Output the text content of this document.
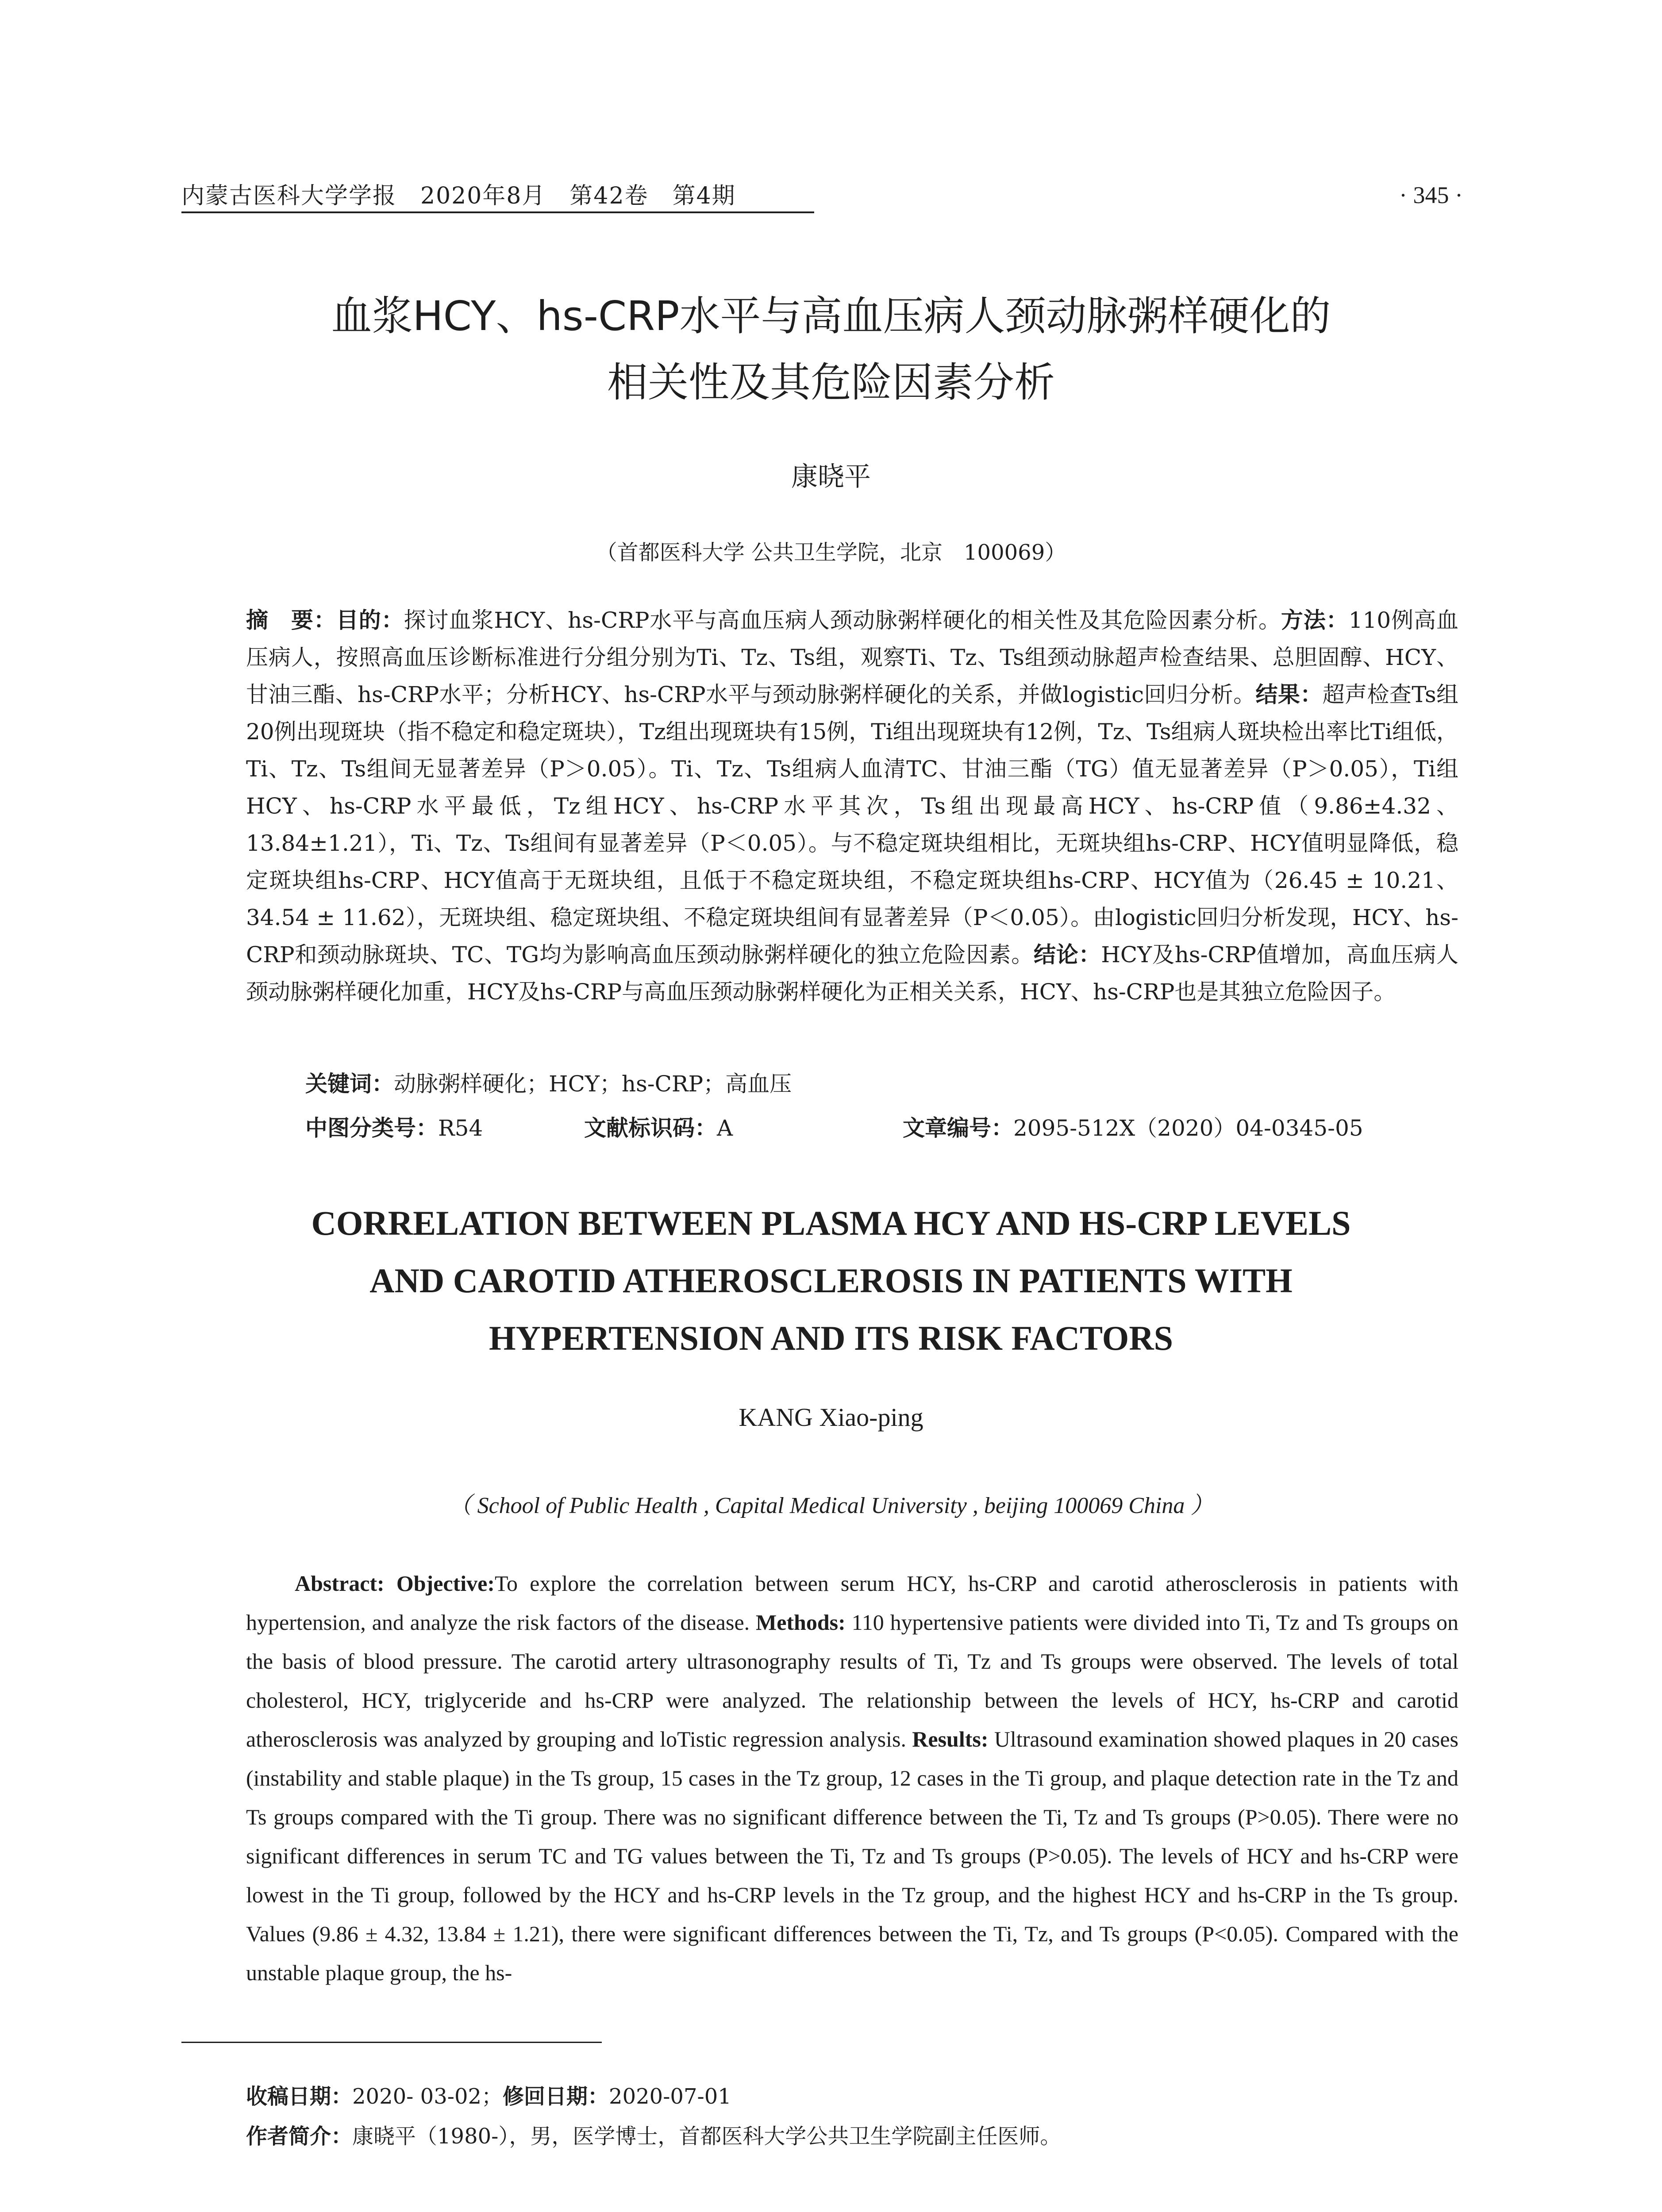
内蒙古医科大学学报　2020年8月　第42卷　第4期	· 345 ·
血浆HCY、hs-CRP水平与高血压病人颈动脉粥样硬化的
相关性及其危险因素分析
康晓平
（首都医科大学 公共卫生学院，北京　100069）
摘　要：目的：探讨血浆HCY、hs-CRP水平与高血压病人颈动脉粥样硬化的相关性及其危险因素分析。方法：110例高血压病人，按照高血压诊断标准进行分组分别为Ti、Tz、Ts组，观察Ti、Tz、Ts组颈动脉超声检查结果、总胆固醇、HCY、甘油三酯、hs-CRP水平；分析HCY、hs-CRP水平与颈动脉粥样硬化的关系，并做logistic回归分析。结果：超声检查Ts组20例出现斑块（指不稳定和稳定斑块），Tz组出现斑块有15例，Ti组出现斑块有12例，Tz、Ts组病人斑块检出率比Ti组低，Ti、Tz、Ts组间无显著差异（P＞0.05）。Ti、Tz、Ts组病人血清TC、甘油三酯（TG）值无显著差异（P＞0.05），Ti组HCY、hs-CRP水平最低，Tz组HCY、hs-CRP水平其次，Ts组出现最高HCY、hs-CRP值（9.86±4.32、13.84±1.21），Ti、Tz、Ts组间有显著差异（P＜0.05）。与不稳定斑块组相比，无斑块组hs-CRP、HCY值明显降低，稳定斑块组hs-CRP、HCY值高于无斑块组，且低于不稳定斑块组，不稳定斑块组hs-CRP、HCY值为（26.45 ± 10.21、34.54 ± 11.62），无斑块组、稳定斑块组、不稳定斑块组间有显著差异（P＜0.05）。由logistic回归分析发现，HCY、hs-CRP和颈动脉斑块、TC、TG均为影响高血压颈动脉粥样硬化的独立危险因素。结论：HCY及hs-CRP值增加，高血压病人颈动脉粥样硬化加重，HCY及hs-CRP与高血压颈动脉粥样硬化为正相关关系，HCY、hs-CRP也是其独立危险因子。
关键词：动脉粥样硬化；HCY；hs-CRP；高血压
中图分类号：R54	文献标识码：A	文章编号：2095-512X（2020）04-0345-05
CORRELATION BETWEEN PLASMA HCY AND HS-CRP LEVELS
AND CAROTID ATHEROSCLEROSIS IN PATIENTS WITH
HYPERTENSION AND ITS RISK FACTORS
KANG Xiao-ping
（ School of Public Health , Capital Medical University , beijing 100069 China ）
Abstract: Objective:To explore the correlation between serum HCY, hs-CRP and carotid atherosclerosis in patients with hypertension, and analyze the risk factors of the disease. Methods: 110 hypertensive patients were divided into Ti, Tz and Ts groups on the basis of blood pressure. The carotid artery ultrasonography results of Ti, Tz and Ts groups were observed. The levels of total cholesterol, HCY, triglyceride and hs-CRP were analyzed. The relationship between the levels of HCY, hs-CRP and carotid atherosclerosis was analyzed by grouping and loTistic regression analysis. Results: Ultrasound examination showed plaques in 20 cases (instability and stable plaque) in the Ts group, 15 cases in the Tz group, 12 cases in the Ti group, and plaque detection rate in the Tz and Ts groups compared with the Ti group. There was no significant difference between the Ti, Tz and Ts groups (P>0.05). There were no significant differences in serum TC and TG values between the Ti, Tz and Ts groups (P>0.05). The levels of HCY and hs-CRP were lowest in the Ti group, followed by the HCY and hs-CRP levels in the Tz group, and the highest HCY and hs-CRP in the Ts group. Values (9.86 ± 4.32, 13.84 ± 1.21), there were significant differences between the Ti, Tz, and Ts groups (P<0.05). Compared with the unstable plaque group, the hs-
收稿日期：2020- 03-02；修回日期：2020-07-01
作者简介：康晓平（1980-），男，医学博士，首都医科大学公共卫生学院副主任医师。
